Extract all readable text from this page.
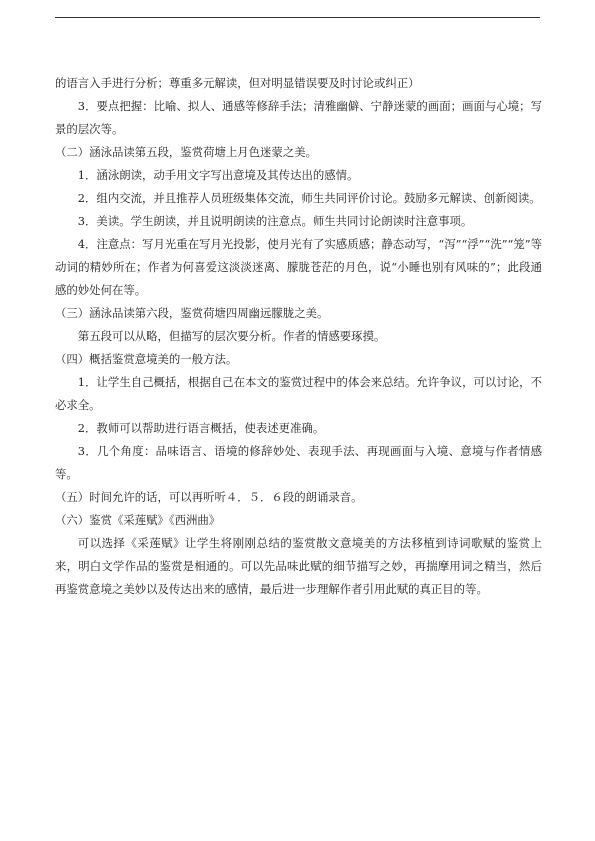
的语言入手进行分析；尊重多元解读，但对明显错误要及时讨论或纠正）

3．要点把握：比喻、拟人、通感等修辞手法；清雅幽僻、宁静迷蒙的画面；画面与心境；写景的层次等。

（二）涵泳品读第五段，鉴赏荷塘上月色迷蒙之美。

1．涵泳朗读，动手用文字写出意境及其传达出的感情。

2．组内交流，并且推荐人员班级集体交流，师生共同评价讨论。鼓励多元解读、创新阅读。

3．美读。学生朗读，并且说明朗读的注意点。师生共同讨论朗读时注意事项。

4．注意点：写月光重在写月光投影，使月光有了实感质感；静态动写，“泻”“浮”“洗”“笼”等动词的精妙所在；作者为何喜爱这淡淡迷离、朦胧苍茫的月色，说“小睡也别有风味的”；此段通感的妙处何在等。

（三）涵泳品读第六段，鉴赏荷塘四周幽远朦胧之美。

第五段可以从略，但描写的层次要分析。作者的情感要琢摸。

（四）概括鉴赏意境美的一般方法。

1．让学生自己概括，根据自己在本文的鉴赏过程中的体会来总结。允许争议，可以讨论，不必求全。

2．教师可以帮助进行语言概括，使表述更准确。

3．几个角度：品味语言、语境的修辞妙处、表现手法、再现画面与入境、意境与作者情感等。

（五）时间允许的话，可以再听听４．５．６段的朗诵录音。

（六）鉴赏《采莲赋》《西洲曲》

可以选择《采莲赋》让学生将刚刚总结的鉴赏散文意境美的方法移植到诗词歌赋的鉴赏上来，明白文学作品的鉴赏是相通的。可以先品味此赋的细节描写之妙，再揣摩用词之精当，然后再鉴赏意境之美妙以及传达出来的感情，最后进一步理解作者引用此赋的真正目的等。
